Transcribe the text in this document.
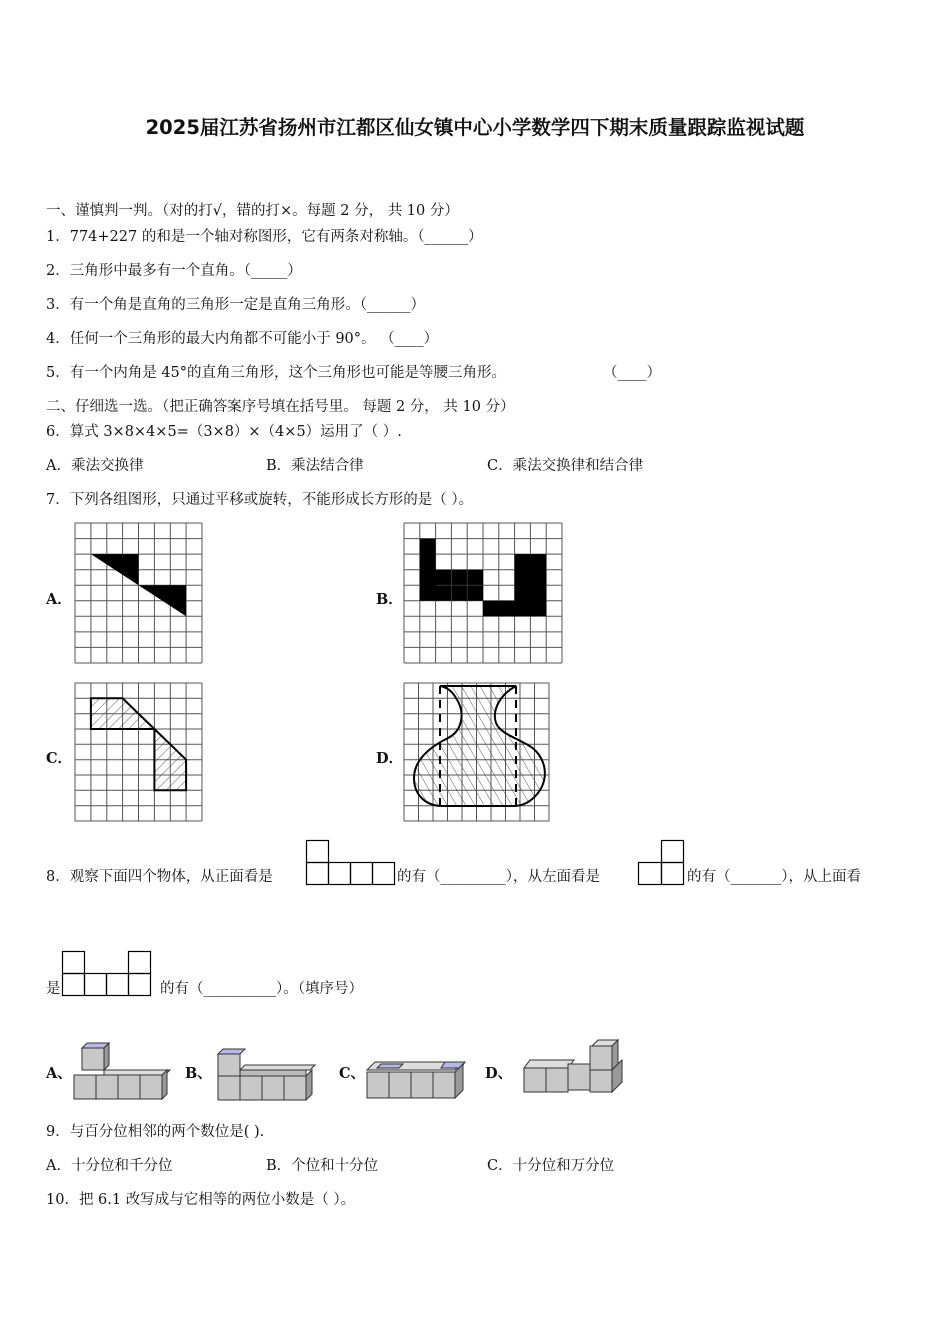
2025届江苏省扬州市江都区仙女镇中心小学数学四下期末质量跟踪监视试题
一、谨慎判一判。（对的打√，错的打×。每题 2 分， 共 10 分）
1．774+227 的和是一个轴对称图形，它有两条对称轴。（______）
2．三角形中最多有一个直角。（_____）
3．有一个角是直角的三角形一定是直角三角形。（______）
4．任何一个三角形的最大内角都不可能小于 90°。 （____）
5．有一个内角是 45°的直角三角形，这个三角形也可能是等腰三角形。	（____）
二、仔细选一选。（把正确答案序号填在括号里。 每题 2 分， 共 10 分）
6．算式 3×8×4×5=（3×8）×（4×5）运用了（ ）.
A．乘法交换律	B．乘法结合律	C．乘法交换律和结合律
7．下列各组图形，只通过平移或旋转，不能形成长方形的是（ ）。
A．	B．
C．	D．
8．观察下面四个物体，从正面看是	的有（_________），从左面看是	的有（_______），从上面看
是	的有（__________）。（填序号）
A、	B、	C、	D、
9．与百分位相邻的两个数位是( ).
A．十分位和千分位	B．个位和十分位	C．十分位和万分位
10．把 6.1 改写成与它相等的两位小数是（ ）。
